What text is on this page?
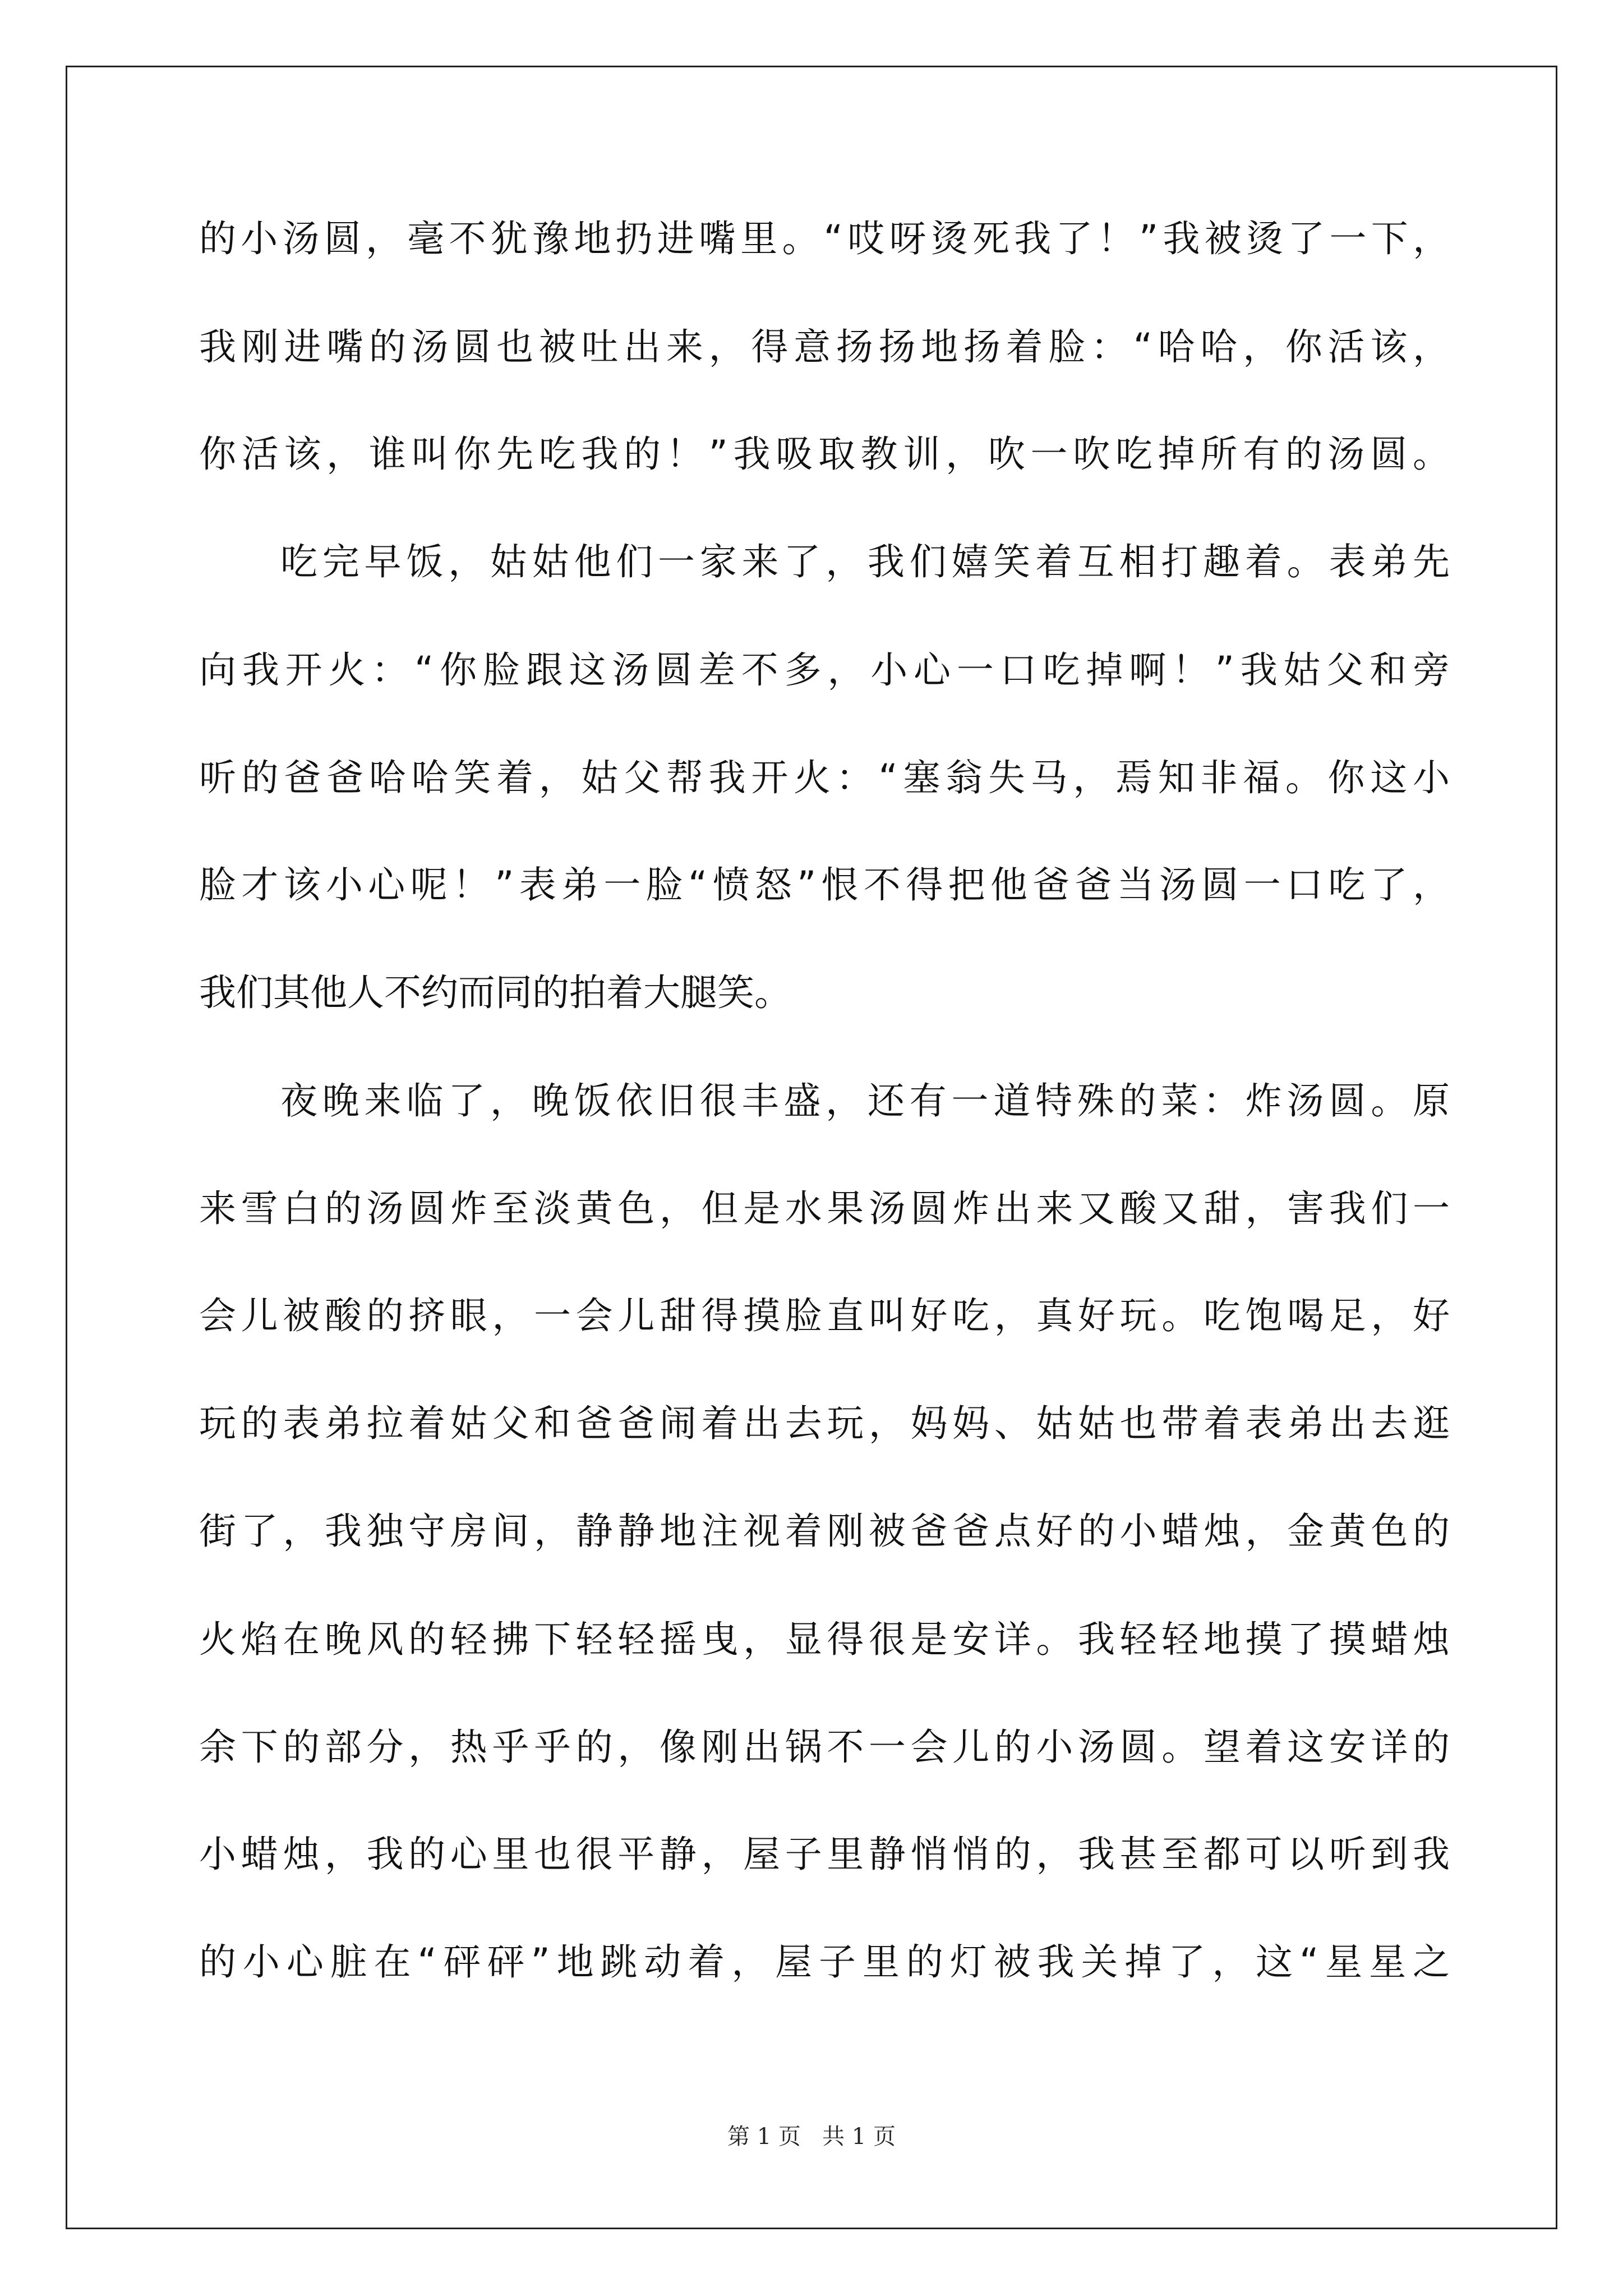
的小汤圆，毫不犹豫地扔进嘴里。“哎呀烫死我了！”我被烫了一下，
我刚进嘴的汤圆也被吐出来，得意扬扬地扬着脸：“哈哈，你活该，
你活该，谁叫你先吃我的！”我吸取教训，吹一吹吃掉所有的汤圆。
吃完早饭，姑姑他们一家来了，我们嬉笑着互相打趣着。表弟先
向我开火：“你脸跟这汤圆差不多，小心一口吃掉啊！”我姑父和旁
听的爸爸哈哈笑着，姑父帮我开火：“塞翁失马，焉知非福。你这小
脸才该小心呢！”表弟一脸“愤怒”恨不得把他爸爸当汤圆一口吃了，
我们其他人不约而同的拍着大腿笑。
夜晚来临了，晚饭依旧很丰盛，还有一道特殊的菜：炸汤圆。原
来雪白的汤圆炸至淡黄色，但是水果汤圆炸出来又酸又甜，害我们一
会儿被酸的挤眼，一会儿甜得摸脸直叫好吃，真好玩。吃饱喝足，好
玩的表弟拉着姑父和爸爸闹着出去玩，妈妈、姑姑也带着表弟出去逛
街了，我独守房间，静静地注视着刚被爸爸点好的小蜡烛，金黄色的
火焰在晚风的轻拂下轻轻摇曳，显得很是安详。我轻轻地摸了摸蜡烛
余下的部分，热乎乎的，像刚出锅不一会儿的小汤圆。望着这安详的
小蜡烛，我的心里也很平静，屋子里静悄悄的，我甚至都可以听到我
的小心脏在“砰砰”地跳动着，屋子里的灯被我关掉了，这“星星之
第 1 页   共 1 页
